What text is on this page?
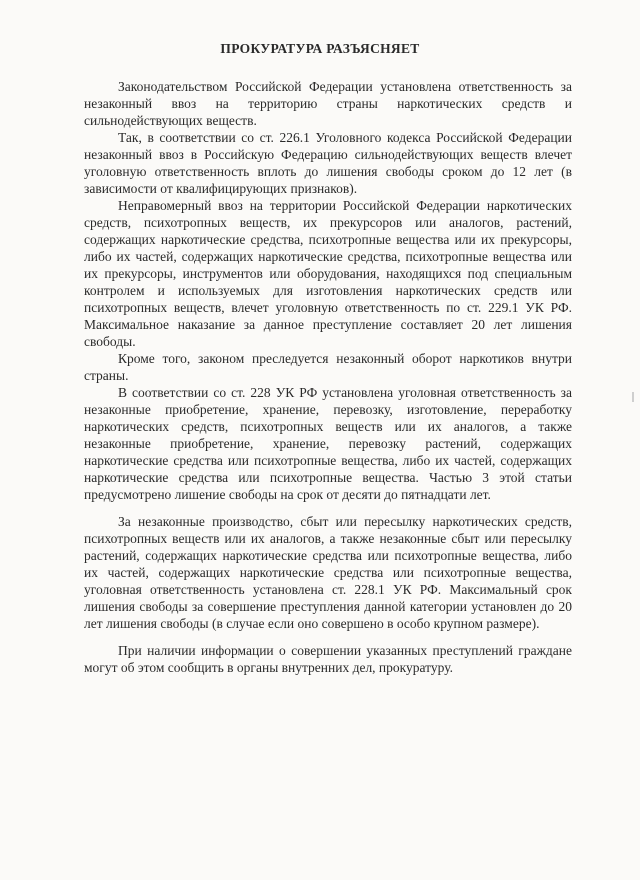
ПРОКУРАТУРА РАЗЪЯСНЯЕТ

Законодательством Российской Федерации установлена ответственность за незаконный ввоз на территорию страны наркотических средств и сильнодействующих веществ.

Так, в соответствии со ст. 226.1 Уголовного кодекса Российской Федерации незаконный ввоз в Российскую Федерацию сильнодействующих веществ влечет уголовную ответственность вплоть до лишения свободы сроком до 12 лет (в зависимости от квалифицирующих признаков).

Неправомерный ввоз на территории Российской Федерации наркотических средств, психотропных веществ, их прекурсоров или аналогов, растений, содержащих наркотические средства, психотропные вещества или их прекурсоры, либо их частей, содержащих наркотические средства, психотропные вещества или их прекурсоры, инструментов или оборудования, находящихся под специальным контролем и используемых для изготовления наркотических средств или психотропных веществ, влечет уголовную ответственность по ст. 229.1 УК РФ. Максимальное наказание за данное преступление составляет 20 лет лишения свободы.

Кроме того, законом преследуется незаконный оборот наркотиков внутри страны.

В соответствии со ст. 228 УК РФ установлена уголовная ответственность за незаконные приобретение, хранение, перевозку, изготовление, переработку наркотических средств, психотропных веществ или их аналогов, а также незаконные приобретение, хранение, перевозку растений, содержащих наркотические средства или психотропные вещества, либо их частей, содержащих наркотические средства или психотропные вещества. Частью 3 этой статьи предусмотрено лишение свободы на срок от десяти до пятнадцати лет.

За незаконные производство, сбыт или пересылку наркотических средств, психотропных веществ или их аналогов, а также незаконные сбыт или пересылку растений, содержащих наркотические средства или психотропные вещества, либо их частей, содержащих наркотические средства или психотропные вещества, уголовная ответственность установлена ст. 228.1 УК РФ. Максимальный срок лишения свободы за совершение преступления данной категории установлен до 20 лет лишения свободы (в случае если оно совершено в особо крупном размере).

При наличии информации о совершении указанных преступлений граждане могут об этом сообщить в органы внутренних дел, прокуратуру.
